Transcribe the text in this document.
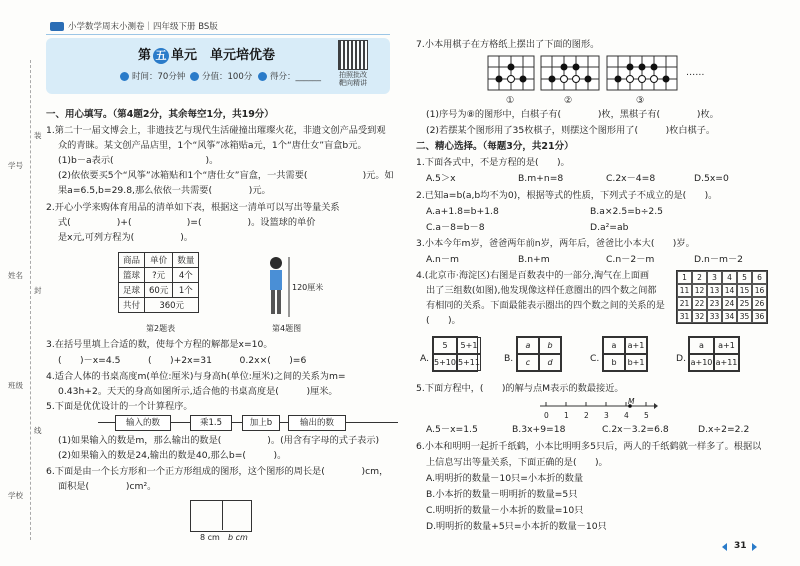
小学数学周末小测卷｜四年级下册 BS版
第 五 单元　单元培优卷
时间：70分钟	分值：100分	得分：______	拍照批改 靶向精讲
学号
姓名
班级
学校
装
封
线
一、用心填写。（第4题2分，其余每空1分，共19分）
1.第二十一届文博会上，非遗技艺与现代生活碰撞出璀璨火花，非遗文创产品受到观
众的青睐。某文创产品店里，1个“风筝”冰箱贴a元，1个“唐仕女”盲盒b元。
(1)b－a表示(　　　　　　　　　　)。
(2)依依要买5个“风筝”冰箱贴和1个“唐仕女”盲盒，一共需要(　　　　　　)元。如
果a=6.5,b=29.8,那么依依一共需要(　　　　)元。
2.开心小学来购体育用品的清单如下表，根据这一清单可以写出等量关系
式(　　　　　)+(　　　　　　)=(　　　　　)。设篮球的单价
是x元,可列方程为(　　　　　)。
商品	单价	数量
篮球	?元	4个
足球	60元	1个
共付	360元	
第2题表
120厘米
第4题图
3.在括号里填上合适的数，使每个方程的解都是x=10。
(　　)－x=4.5　　　(　　)+2x=31　　　0.2x×(　　)=6
4.适合人体的书桌高度m(单位:厘米)与身高h(单位:厘米)之间的关系为m=
0.43h+2。天天的身高如图所示,适合他的书桌高度是(　　　)厘米。
5.下面是优优设计的一个计算程序。
输入的数	乘1.5	加上b	输出的数
(1)如果输入的数是m，那么输出的数是(　　　　　)。(用含有字母的式子表示)
(2)如果输入的数是24,输出的数是40,那么b=(　　　)。
6.下面是由一个长方形和一个正方形组成的图形，这个图形的周长是(　　　　)cm，
面积是(　　　　)cm²。
8 cm b cm
7.小本用棋子在方格纸上摆出了下面的图形。
①	②	③
……
(1)序号为⑧的图形中，白棋子有(　　　　)枚，黑棋子有(　　　　)枚。
(2)若摆某个图形用了35枚棋子，则摆这个图形用了(　　　)枚白棋子。
二、精心选择。（每题3分，共21分）
1.下面各式中，不是方程的是(　　)。
A.5＞x	B.m+n=8	C.2x－4=8	D.5x=0
2.已知a=b(a,b均不为0)，根据等式的性质，下列式子不成立的是(　　)。
A.a+1.8=b+1.8	B.a×2.5=b÷2.5
C.a－8=b－8	D.a²=ab
3.小本今年m岁，爸爸两年前n岁，两年后，爸爸比小本大(　　)岁。
A.n－m	B.n+m	C.n－2－m	D.n－m－2
4.(北京市·海淀区)右图是百数表中的一部分,淘气在上面画
出了三组数(如图),他发现像这样任意圈出的四个数之间都
有相同的关系。下面最能表示圈出的四个数之间的关系的是
(　　)。
1	2	3	4	5	6
11 12 13 14 15 16
21 22 23 24 25 26
31 32 33 34 35 36
A.
5	5+1
5+10 5+11	B.
a	b
c	d	C.
a	a+1
b	b+1	D.
a	a+1
a+10 a+11
5.下面方程中，(　　)的解与点M表示的数最接近。
M
0 1 2 3 4 5
A.5－x=1.5	B.3x+9=18	C.2x－3.2=6.8	D.x÷2=2.2
6.小本和明明一起折千纸鹤，小本比明明多5只后，两人的千纸鹤就一样多了。根据以
上信息写出等量关系，下面正确的是(　　)。
A.明明折的数量－10只=小本折的数量
B.小本折的数量－明明折的数量=5只
C.明明折的数量－小本折的数量=10只
D.明明折的数量+5只=小本折的数量－10只
31
